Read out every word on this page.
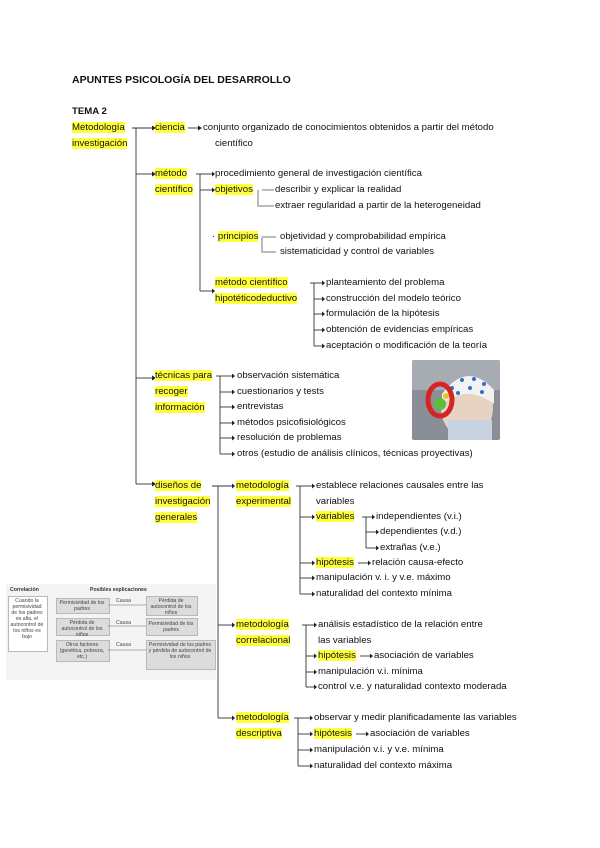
APUNTES PSICOLOGÍA DEL DESARROLLO
TEMA 2
Metodología
investigación
ciencia conjunto organizado de conocimientos obtenidos a partir del método
científico
método
científico
procedimiento general de investigación científica
objetivos describir y explicar la realidad
extraer regularidad a partir de la heterogeneidad
· principios objetividad y comprobabilidad empírica
sistematicidad y control de variables
método científico
hipotéticodeductivo
planteamiento del problema
construcción del modelo teórico
formulación de la hipótesis
obtención de evidencias empíricas
aceptación o modificación de la teoría
técnicas para
recoger
información
observación sistemática
cuestionarios y tests
entrevistas
métodos psicofisiológicos
resolución de problemas
otros (estudio de análisis clínicos, técnicas proyectivas)
diseños de
investigación
generales
metodología
experimental
establece relaciones causales entre las
variables
variables independientes (v.i.)
dependientes (v.d.)
extrañas (v.e.)
hipótesis relación causa-efecto
manipulación v. i. y v.e. máximo
naturalidad del contexto mínima
metodología
correlacional
análisis estadístico de la relación entre
las variables
hipótesis asociación de variables
manipulación v.i. mínima
control v.e. y naturalidad contexto moderada
metodología
descriptiva
observar y medir planificadamente las variables
hipótesis asociación de variables
manipulación v.i. y v.e. mínima
naturalidad del contexto máxima
Correlación	Posibles explicaciones
Cuando la permisividad de los padres es alta, el autocontrol de los niños es bajo
Permisividad de los padres
Causa	Pérdida de autocontrol de los niños
Pérdida de autocontrol de los niños
Causa	Permisividad de los padres
Otros factores (genética, pobreza, etc.)
Causa	Permisividad de los padres y pérdida de autocontrol de los niños
